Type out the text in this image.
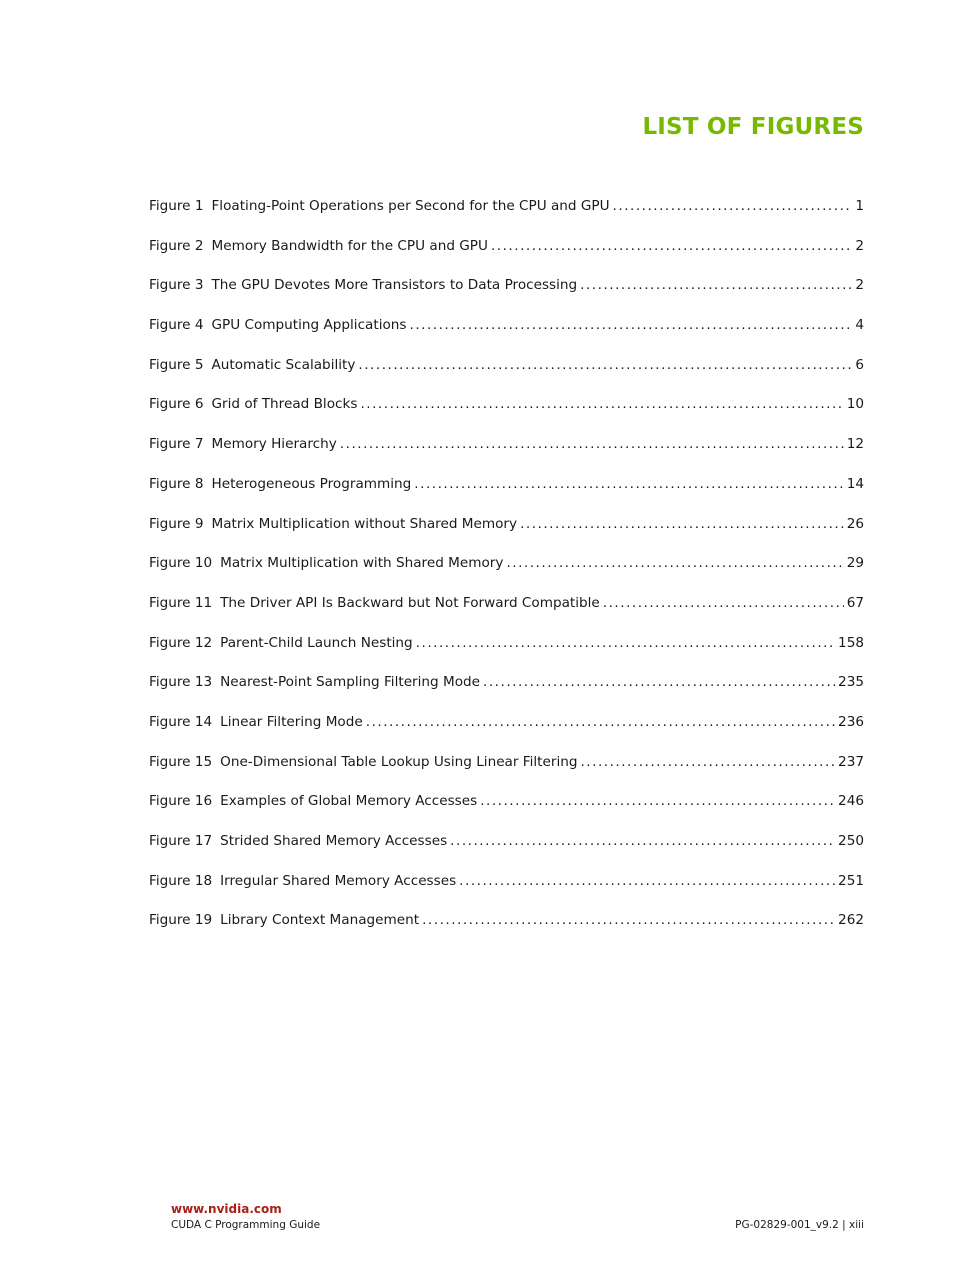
LIST OF FIGURES
Figure 1 Floating-Point Operations per Second for the CPU and GPU .....	1
Figure 2 Memory Bandwidth for the CPU and GPU .....	2
Figure 3 The GPU Devotes More Transistors to Data Processing .....	2
Figure 4 GPU Computing Applications .....	4
Figure 5 Automatic Scalability .....	6
Figure 6 Grid of Thread Blocks .....	10
Figure 7 Memory Hierarchy .....	12
Figure 8 Heterogeneous Programming .....	14
Figure 9 Matrix Multiplication without Shared Memory .....	26
Figure 10 Matrix Multiplication with Shared Memory .....	29
Figure 11 The Driver API Is Backward but Not Forward Compatible .....	67
Figure 12 Parent-Child Launch Nesting .....	158
Figure 13 Nearest-Point Sampling Filtering Mode .....	235
Figure 14 Linear Filtering Mode .....	236
Figure 15 One-Dimensional Table Lookup Using Linear Filtering .....	237
Figure 16 Examples of Global Memory Accesses .....	246
Figure 17 Strided Shared Memory Accesses .....	250
Figure 18 Irregular Shared Memory Accesses .....	251
Figure 19 Library Context Management .....	262
www.nvidia.com
CUDA C Programming Guide	PG-02829-001_v9.2 | xiii
